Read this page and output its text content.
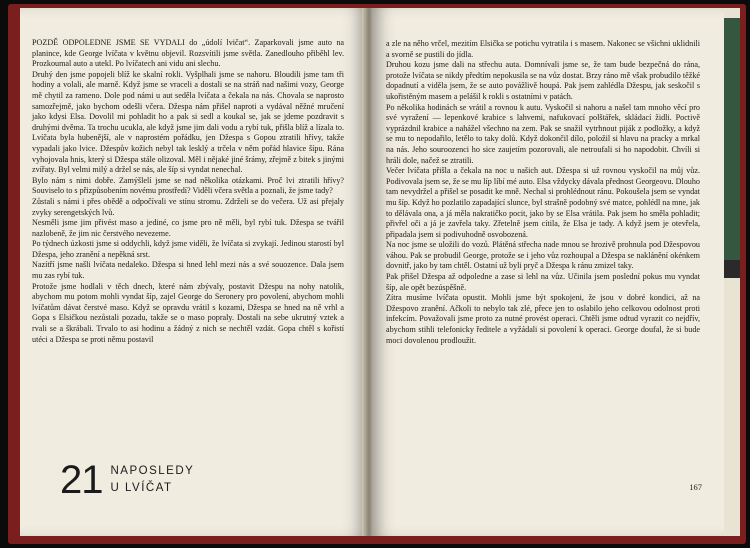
POZDĚ ODPOLEDNE JSME SE VYDALI do „údolí lvičat“. Zaparkovali jsme auto na planince, kde George lvíčata v květnu objevil. Rozsvítili jsme světla. Zanedlouho přiběhl lev. Prozkoumal auto a utekl. Po lvíčatech ani vidu ani slechu.

Druhý den jsme popojeli blíž ke skalní rokli. Vyšplhali jsme se nahoru. Bloudili jsme tam tři hodiny a volali, ale marně. Když jsme se vraceli a dostali se na stráň nad našimi vozy, George mě chytil za rameno. Dole pod námi u aut seděla lvíčata a čekala na nás. Chovala se naprosto samozřejmě, jako bychom odešli včera. Džespa nám přišel naproti a vydával něžné mručení jako kdysi Elsa. Dovolil mi pohladit ho a pak si sedl a koukal se, jak se jdeme pozdravit s druhými dvěma. Ta trochu ucukla, ale když jsme jim dali vodu a rybí tuk, přišla blíž a lízala to. Lvíčata byla hubenější, ale v naprostém pořádku, jen Džespa s Gopou ztratili hřívy, takže vypadali jako lvice. Džespův kožich nebyl tak lesklý a trčela v něm pořád hlavice šípu. Rána vyhojovala hnis, který si Džespa stále olizoval. Měl i nějaké jiné šrámy, zřejmě z bitek s jinými zvířaty. Byl velmi milý a držel se nás, ale šíp si vyndat nenechal.

Bylo nám s nimi dobře. Zamýšlelí jsme se nad několika otázkami. Proč lvi ztratili hřívy? Souviselo to s přizpůsobením novému prostředí? Viděli včera světla a poznali, že jsme tady?

Zůstali s námi i přes obědě a odpočívali ve stínu stromu. Zdrželi se do večera. Už asi přejaly zvyky serengetských lvů.

Nesměli jsme jim přivést maso a jediné, co jsme pro ně měli, byl rybí tuk. Džespa se tvářil nazlobeně, že jim nic čerstvého nevezeme.

Po týdnech úzkosti jsme si oddychli, když jsme viděli, že lvíčata si zvykají. Jedinou starostí byl Džespa, jeho zranění a nepěkná srst.

Nazítří jsme našli lvíčata nedaleko. Džespa si hned lehl mezi nás a své souozence. Dala jsem mu zas rybí tuk.

Protože jsme hodlali v těch dnech, které nám zbývaly, postavit Džespu na nohy natolik, abychom mu potom mohli vyndat šíp, zajel George do Seronery pro povolení, abychom mohli lvíčatům dávat čerstvé maso. Když se opravdu vrátil s kozami, Džespa se hned na ně vrhl a Gopa s Elsičkou nezůstali pozadu, takže se o maso popraly. Dostali na sebe ukrutný vztek a rvali se a škrábali. Trvalo to asi hodinu a žádný z nich se nechtěl vzdát. Gopa chtěl s kořistí utéci a Džespa se proti němu postavil

21 NAPOSLEDY
U LVÍČAT

a zle na něho vrčel, mezitím Elsička se potichu vytratila i s masem. Nakonec se všichni uklidnili a svorně se pustili do jídla.

Druhou kozu jsme dali na střechu auta. Domnívali jsme se, že tam bude bezpečná do rána, protože lvíčata se nikdy předtím nepokusila se na vůz dostat. Brzy ráno mě však probudilo těžké dopadnutí a viděla jsem, že se auto povážlivě houpá. Pak jsem zahlédla Džespu, jak seskočil s ukořistěným masem a pelášil k rokli s ostatními v patách.

Po několika hodinách se vrátil a rovnou k autu. Vyskočil si nahoru a našel tam mnoho věcí pro své vyražení — lepenkové krabice s lahvemi, nafukovací polštářek, skládací židli. Poctivě vyprázdnil krabice a nahážel všechno na zem. Pak se snažil vytrhnout piják z podložky, a když se mu to nepodařilo, letělo to taky dolů. Když dokončil dílo, položil si hlavu na pracky a mrkal na nás. Jeho souroozenci ho sice zaujetím pozorovali, ale netroufali si ho napodobit. Chvíli si hráli dole, načež se ztratili.

Večer lvíčata přišla a čekala na noc u našich aut. Džespa si už rovnou vyskočil na můj vůz. Podivovala jsem se, že se mu líp líbí mé auto. Elsa vždycky dávala přednost Georgeovu. Dlouho tam nevydržel a přišel se posadit ke mně. Nechal si prohlédnout ránu. Pokoušela jsem se vyndat mu šíp. Když ho pozlatilo zapadající slunce, byl strašně podobný své matce, pohlédl na mne, jak to dělávala ona, a já měla nakratičko pocit, jako by se Elsa vrátila. Pak jsem ho směla pohladit; přivřel oči a já je zavřela taky. Zřetelně jsem cítila, že Elsa je tady. A když jsem je otevřela, připadala jsem si podivuhodně osvobozená.

Na noc jsme se uložili do vozů. Plátěná střecha nade mnou se hrozivě prohnula pod Džespovou váhou. Pak se probudil George, protože se i jeho vůz rozhoupal a Džespa se naklánění okénkem dovnitř, jako by tam chtěl. Ostatní už byli pryč a Džespa k ránu zmizel taky.

Pak přišel Džespa až odpoledne a zase si lehl na vůz. Učinila jsem poslední pokus mu vyndat šíp, ale opět bezúspěšně.

Zítra musíme lvíčata opustit. Mohli jsme být spokojeni, že jsou v dobré kondici, až na Džespovo zranění. Ačkoli to nebylo tak zlé, přece jen to oslabilo jeho celkovou odolnost proti infekcím. Považovali jsme proto za nutné provést operaci. Chtěli jsme odtud vyrazit co nejdřív, abychom stihli telefonicky ředitele a vyžádali si povolení k operaci. George doufal, že si bude moci dovolenou prodloužit.

167
